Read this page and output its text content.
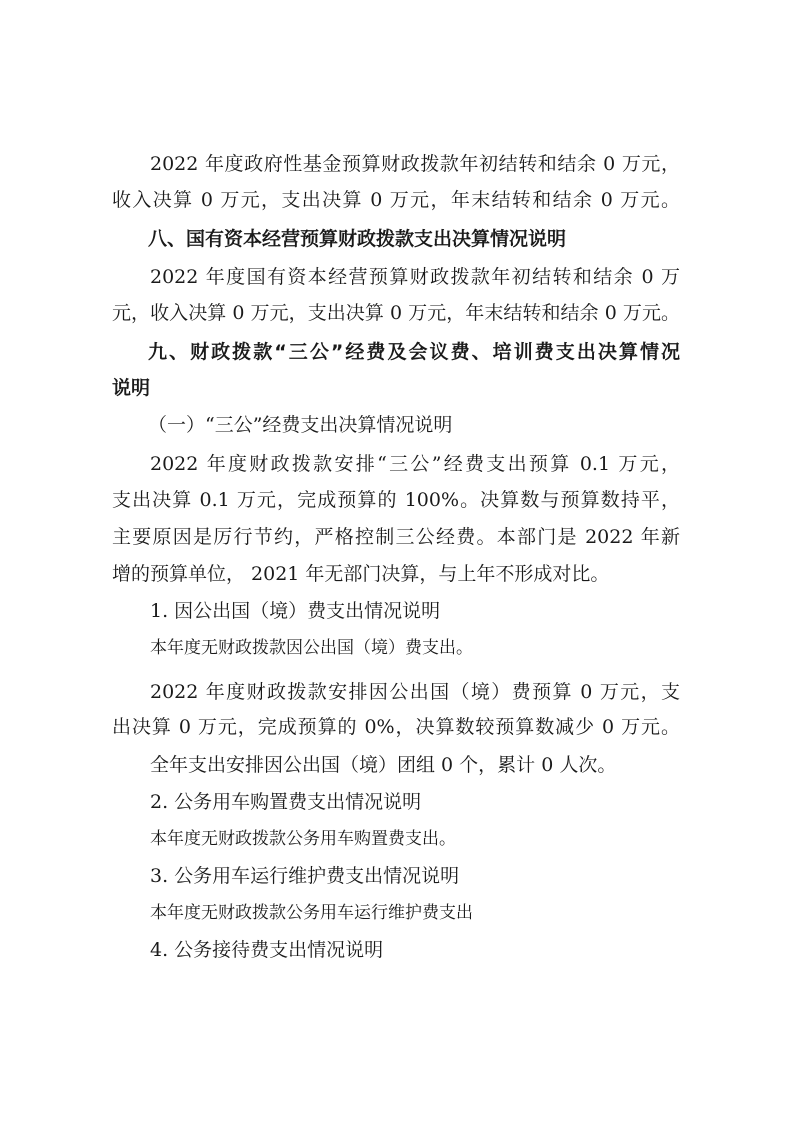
2022 年度政府性基金预算财政拨款年初结转和结余 0 万元，
收入决算 0 万元，支出决算 0 万元，年末结转和结余 0 万元。
八、国有资本经营预算财政拨款支出决算情况说明
2022 年度国有资本经营预算财政拨款年初结转和结余 0 万
元，收入决算 0 万元，支出决算 0 万元，年末结转和结余 0 万元。
九、财政拨款“三公”经费及会议费、培训费支出决算情况
说明
（一）“三公”经费支出决算情况说明
2022 年度财政拨款安排“三公”经费支出预算 0.1 万元，
支出决算 0.1 万元，完成预算的 100%。决算数与预算数持平，
主要原因是厉行节约，严格控制三公经费。本部门是 2022 年新
增的预算单位， 2021 年无部门决算，与上年不形成对比。
1. 因公出国（境）费支出情况说明
本年度无财政拨款因公出国（境）费支出。
2022 年度财政拨款安排因公出国（境）费预算 0 万元，支
出决算 0 万元，完成预算的 0%，决算数较预算数减少 0 万元。
全年支出安排因公出国（境）团组 0 个，累计 0 人次。
2. 公务用车购置费支出情况说明
本年度无财政拨款公务用车购置费支出。
3. 公务用车运行维护费支出情况说明
本年度无财政拨款公务用车运行维护费支出
4. 公务接待费支出情况说明
